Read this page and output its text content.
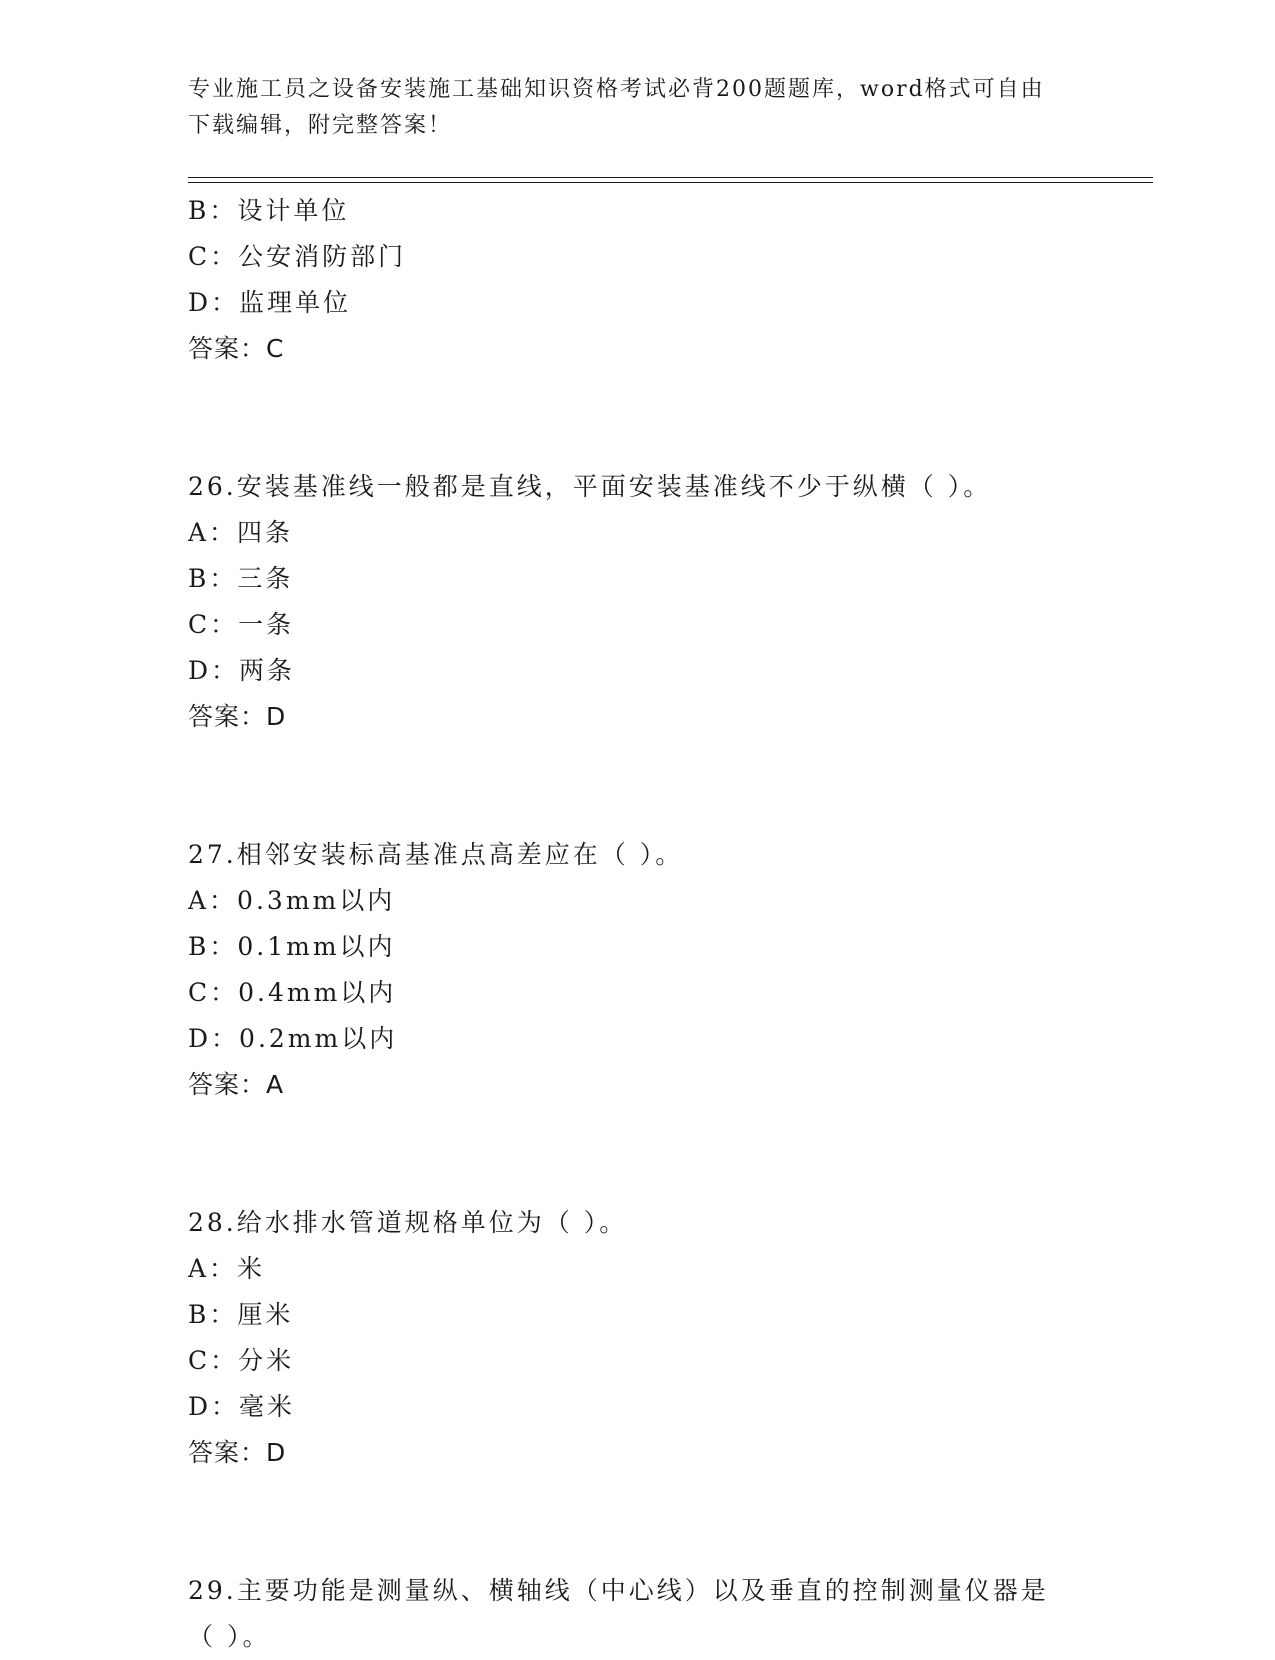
专业施工员之设备安装施工基础知识资格考试必背200题题库，word格式可自由
下载编辑，附完整答案！
B：设计单位
C：公安消防部门
D：监理单位
答案：C
26.安装基准线一般都是直线，平面安装基准线不少于纵横（ ）。
A：四条
B：三条
C：一条
D：两条
答案：D
27.相邻安装标高基准点高差应在（ ）。
A：0.3mm以内
B：0.1mm以内
C：0.4mm以内
D：0.2mm以内
答案：A
28.给水排水管道规格单位为（ ）。
A：米
B：厘米
C：分米
D：毫米
答案：D
29.主要功能是测量纵、横轴线（中心线）以及垂直的控制测量仪器是
（ ）。
